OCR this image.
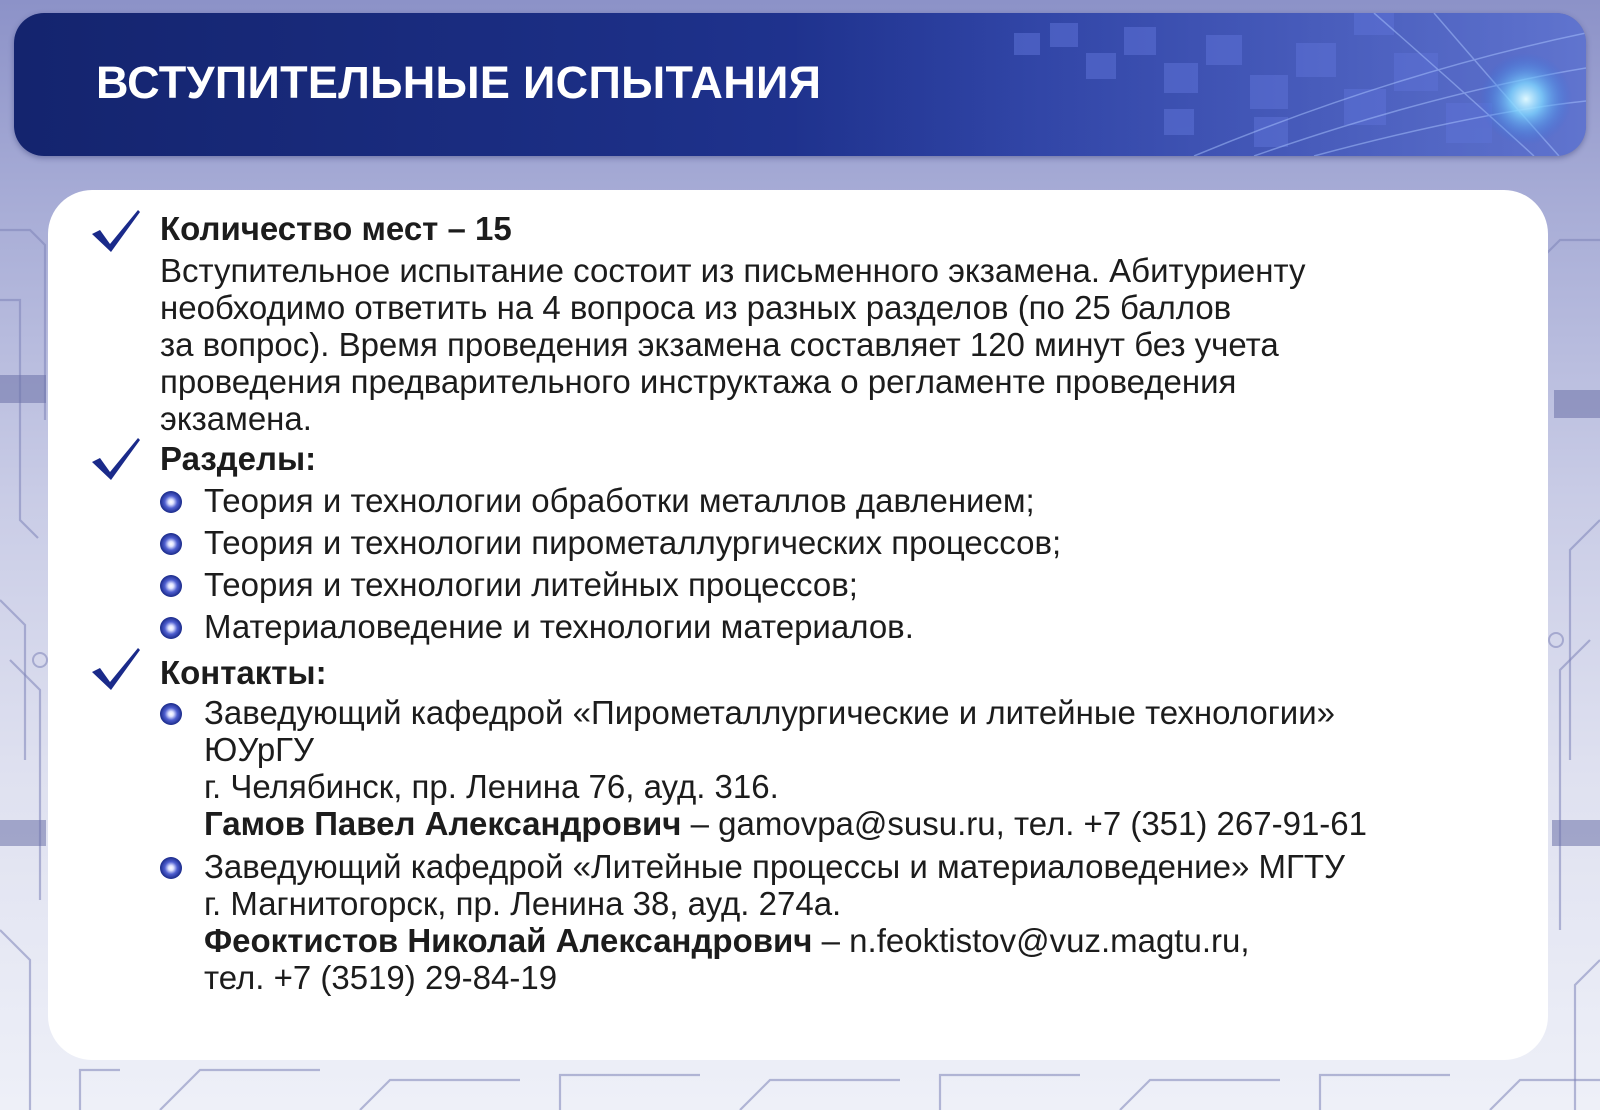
ВСТУПИТЕЛЬНЫЕ ИСПЫТАНИЯ
Количество мест – 15
Вступительное испытание состоит из письменного экзамена. Абитуриенту
необходимо ответить на 4 вопроса из разных разделов (по 25 баллов
за вопрос). Время проведения экзамена составляет 120 минут без учета
проведения предварительного инструктажа о регламенте проведения
экзамена.
Разделы:
Теория и технологии обработки металлов давлением;
Теория и технологии пирометаллургических процессов;
Теория и технологии литейных процессов;
Материаловедение и технологии материалов.
Контакты:
Заведующий кафедрой «Пирометаллургические и литейные технологии»
ЮУрГУ
г. Челябинск, пр. Ленина 76, ауд. 316.
Гамов Павел Александрович – gamovpa@susu.ru, тел. +7 (351) 267-91-61
Заведующий кафедрой «Литейные процессы и материаловедение» МГТУ
г. Магнитогорск, пр. Ленина 38, ауд. 274а.
Феоктистов Николай Александрович – n.feoktistov@vuz.magtu.ru,
тел. +7 (3519) 29-84-19
